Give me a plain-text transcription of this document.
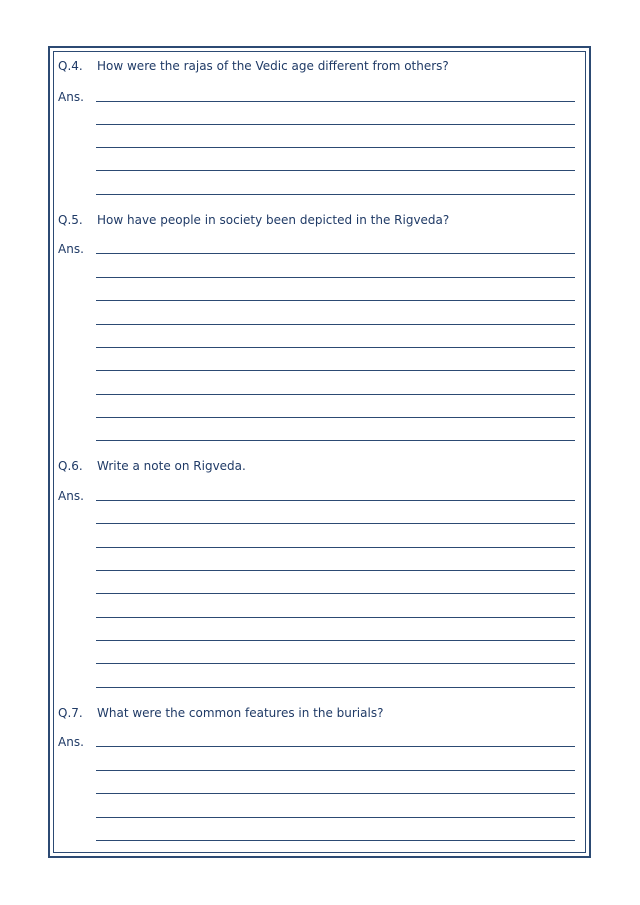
Q.4. How were the rajas of the Vedic age different from others?
Ans.
Q.5. How have people in society been depicted in the Rigveda?
Ans.
Q.6. Write a note on Rigveda.
Ans.
Q.7. What were the common features in the burials?
Ans.
